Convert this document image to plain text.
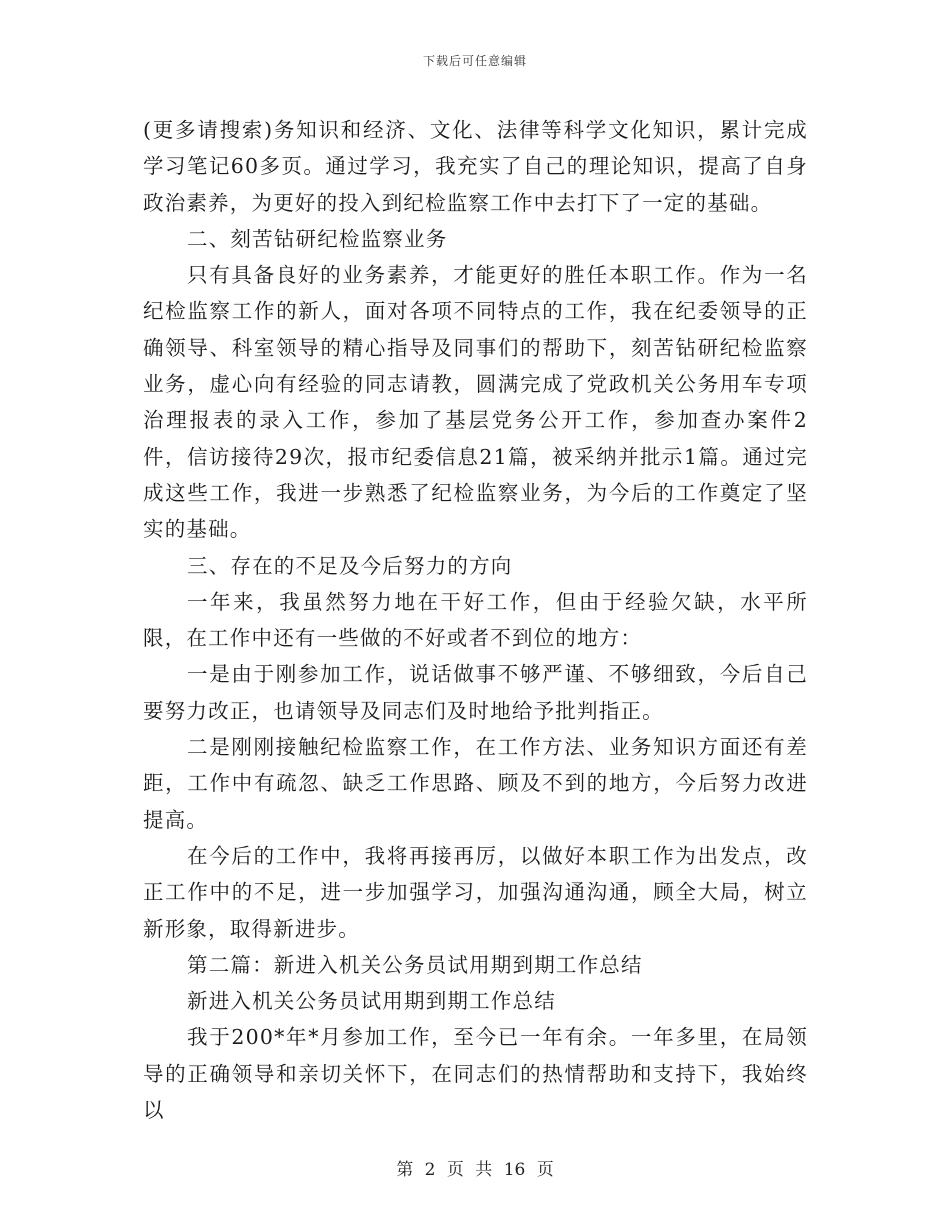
下载后可任意编辑

(更多请搜索)务知识和经济、文化、法律等科学文化知识，累计完成学习笔记60多页。通过学习，我充实了自己的理论知识，提高了自身政治素养，为更好的投入到纪检监察工作中去打下了一定的基础。

二、刻苦钻研纪检监察业务

只有具备良好的业务素养，才能更好的胜任本职工作。作为一名纪检监察工作的新人，面对各项不同特点的工作，我在纪委领导的正确领导、科室领导的精心指导及同事们的帮助下，刻苦钻研纪检监察业务，虚心向有经验的同志请教，圆满完成了党政机关公务用车专项治理报表的录入工作，参加了基层党务公开工作，参加查办案件2件，信访接待29次，报市纪委信息21篇，被采纳并批示1篇。通过完成这些工作，我进一步熟悉了纪检监察业务，为今后的工作奠定了坚实的基础。

三、存在的不足及今后努力的方向

一年来，我虽然努力地在干好工作，但由于经验欠缺，水平所限，在工作中还有一些做的不好或者不到位的地方：

一是由于刚参加工作，说话做事不够严谨、不够细致，今后自己要努力改正，也请领导及同志们及时地给予批判指正。

二是刚刚接触纪检监察工作，在工作方法、业务知识方面还有差距，工作中有疏忽、缺乏工作思路、顾及不到的地方，今后努力改进提高。

在今后的工作中，我将再接再厉，以做好本职工作为出发点，改正工作中的不足，进一步加强学习，加强沟通沟通，顾全大局，树立新形象，取得新进步。

第二篇：新进入机关公务员试用期到期工作总结

新进入机关公务员试用期到期工作总结

我于200*年*月参加工作，至今已一年有余。一年多里，在局领导的正确领导和亲切关怀下，在同志们的热情帮助和支持下，我始终以

第 2 页 共 16 页
